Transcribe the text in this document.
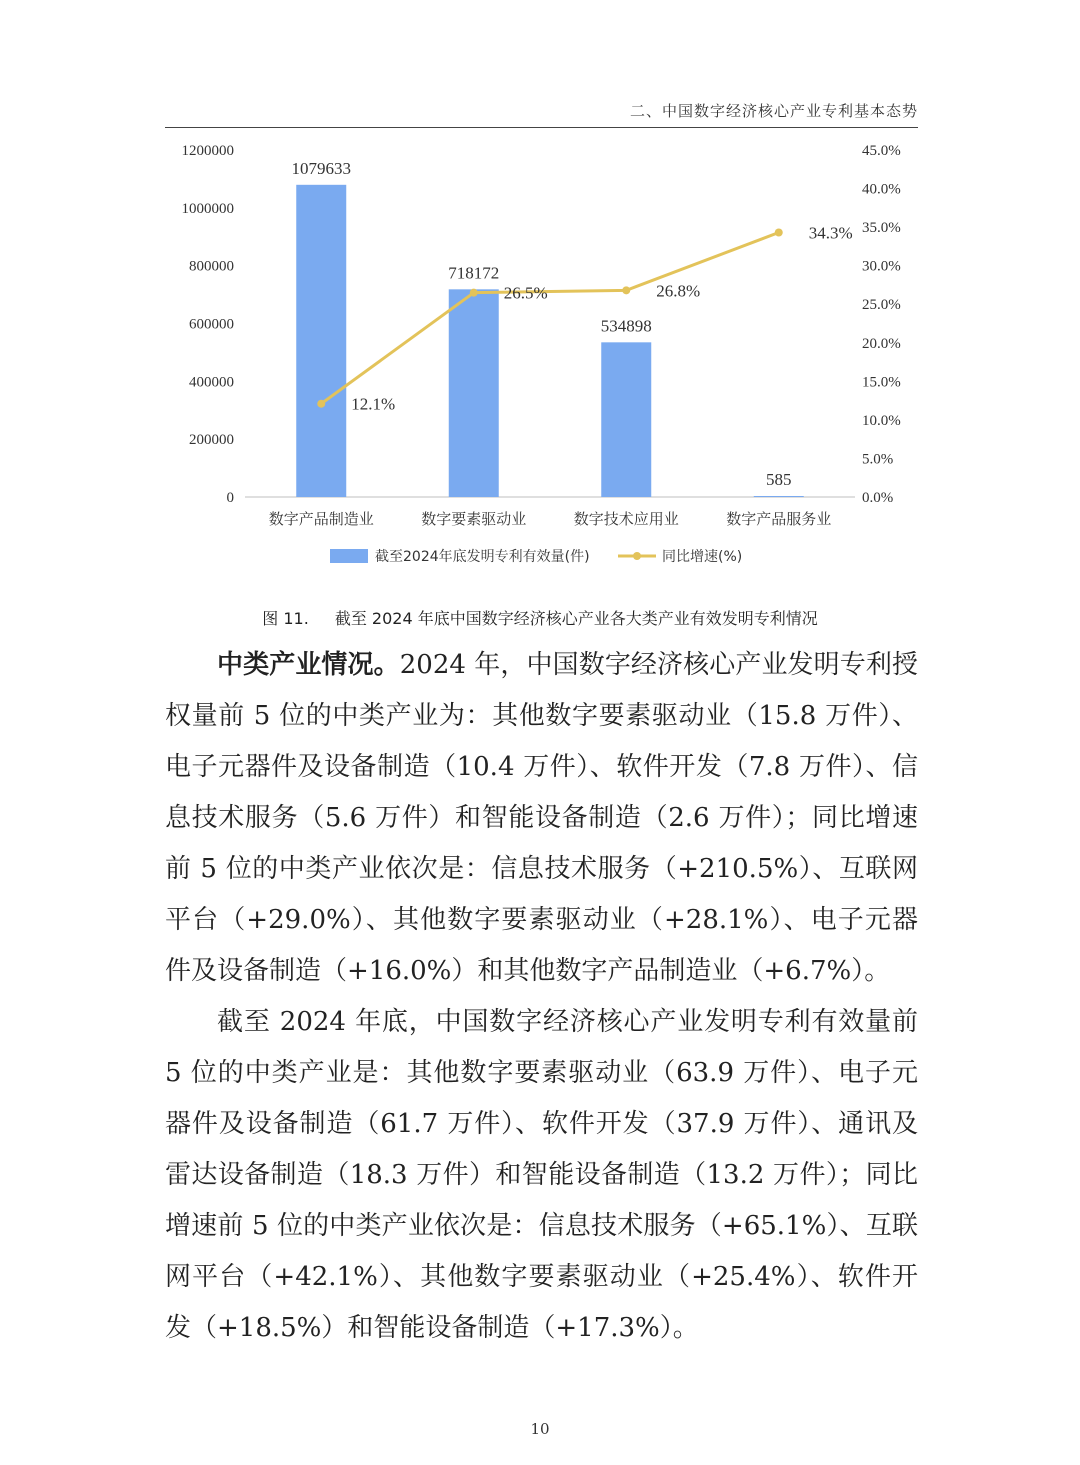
二、中国数字经济核心产业专利基本态势
0
200000
400000
600000
800000
1000000
1200000
0.0%
5.0%
10.0%
15.0%
20.0%
25.0%
30.0%
35.0%
40.0%
45.0%
1079633
718172
534898
585
数字产品制造业	数字要素驱动业	数字技术应用业	数字产品服务业
12.1%
26.5%	26.8%
34.3%
截至2024年底发明专利有效量(件)	同比增速(%)
图 11. 截至 2024 年底中国数字经济核心产业各大类产业有效发明专利情况

中类产业情况。2024 年，中国数字经济核心产业发明专利授权量前 5 位的中类产业为：其他数字要素驱动业（15.8 万件）、电子元器件及设备制造（10.4 万件）、软件开发（7.8 万件）、信息技术服务（5.6 万件）和智能设备制造（2.6 万件）；同比增速前 5 位的中类产业依次是：信息技术服务（+210.5%）、互联网平台（+29.0%）、其他数字要素驱动业（+28.1%）、电子元器件及设备制造（+16.0%）和其他数字产品制造业（+6.7%）。

截至 2024 年底，中国数字经济核心产业发明专利有效量前 5 位的中类产业是：其他数字要素驱动业（63.9 万件）、电子元器件及设备制造（61.7 万件）、软件开发（37.9 万件）、通讯及雷达设备制造（18.3 万件）和智能设备制造（13.2 万件）；同比增速前 5 位的中类产业依次是：信息技术服务（+65.1%）、互联网平台（+42.1%）、其他数字要素驱动业（+25.4%）、软件开发（+18.5%）和智能设备制造（+17.3%）。

10
